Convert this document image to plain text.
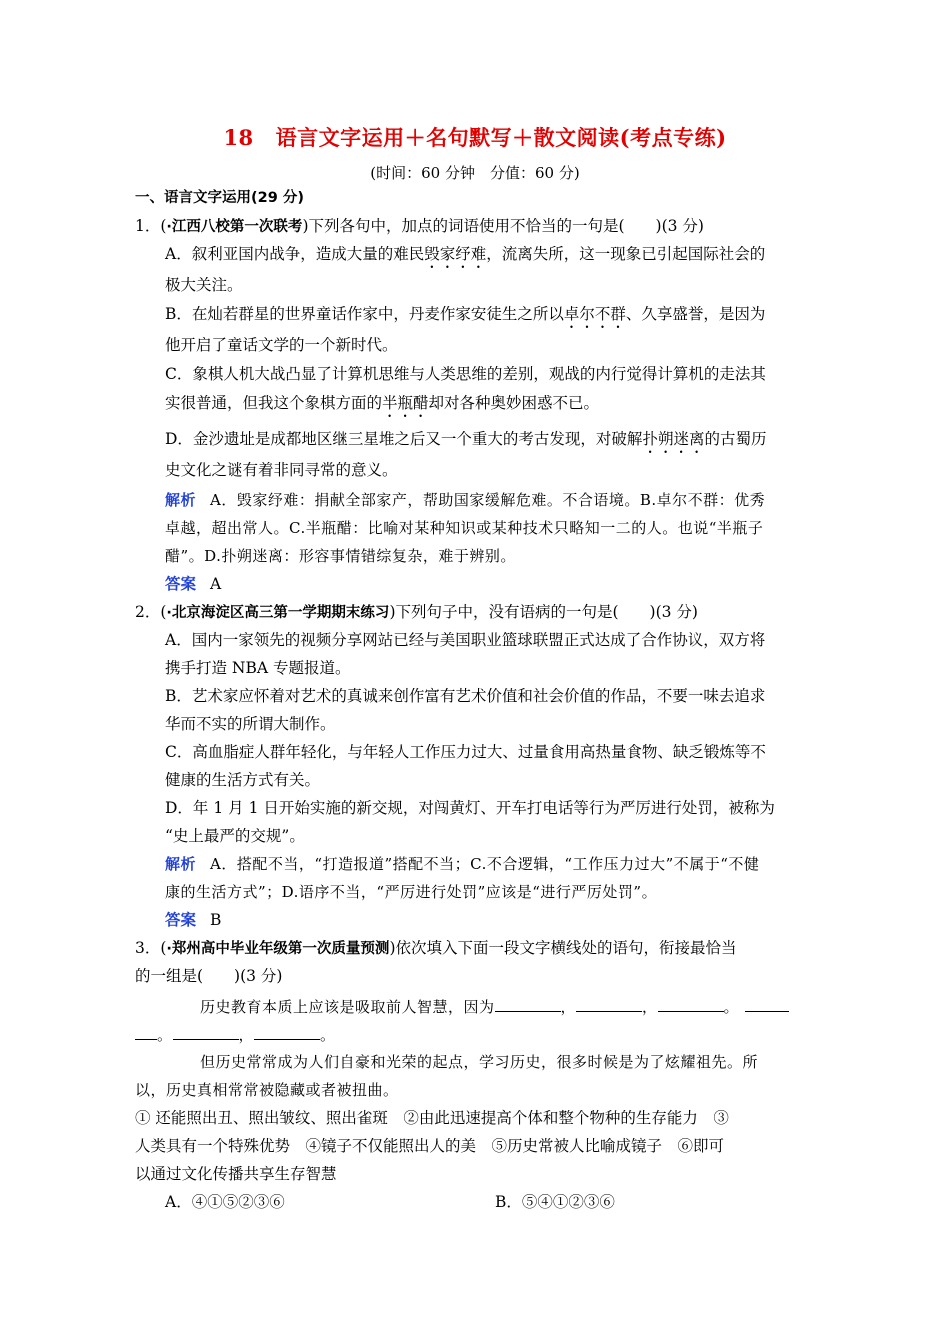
18 语言文字运用＋名句默写＋散文阅读(考点专练)
(时间：60 分钟　分值：60 分)
一、语言文字运用(29 分)
1．(·江西八校第一次联考)下列各句中，加点的词语使用不恰当的一句是(　　)(3 分)
A．叙利亚国内战争，造成大量的难民毁家纾难，流离失所，这一现象已引起国际社会的
极大关注。
B．在灿若群星的世界童话作家中，丹麦作家安徒生之所以卓尔不群、久享盛誉，是因为
他开启了童话文学的一个新时代。
C．象棋人机大战凸显了计算机思维与人类思维的差别，观战的内行觉得计算机的走法其
实很普通，但我这个象棋方面的半瓶醋却对各种奥妙困惑不已。
D．金沙遗址是成都地区继三星堆之后又一个重大的考古发现，对破解扑朔迷离的古蜀历
史文化之谜有着非同寻常的意义。
解析 A．毁家纾难：捐献全部家产，帮助国家缓解危难。不合语境。B.卓尔不群：优秀
卓越，超出常人。C.半瓶醋：比喻对某种知识或某种技术只略知一二的人。也说“半瓶子
醋”。D.扑朔迷离：形容事情错综复杂，难于辨别。
答案 A
2．(·北京海淀区高三第一学期期末练习)下列句子中，没有语病的一句是(　　)(3 分)
A．国内一家领先的视频分享网站已经与美国职业篮球联盟正式达成了合作协议，双方将
携手打造 NBA 专题报道。
B．艺术家应怀着对艺术的真诚来创作富有艺术价值和社会价值的作品，不要一味去追求
华而不实的所谓大制作。
C．高血脂症人群年轻化，与年轻人工作压力过大、过量食用高热量食物、缺乏锻炼等不
健康的生活方式有关。
D．年 1 月 1 日开始实施的新交规，对闯黄灯、开车打电话等行为严厉进行处罚，被称为
“史上最严的交规”。
解析 A．搭配不当，“打造报道”搭配不当；C.不合逻辑，“工作压力过大”不属于“不健
康的生活方式”；D.语序不当，“严厉进行处罚”应该是“进行严厉处罚”。
答案 B
3．(·郑州高中毕业年级第一次质量预测)依次填入下面一段文字横线处的语句，衔接最恰当
的一组是(　　)(3 分)
历史教育本质上应该是吸取前人智慧，因为	，	，	。
。	，	。
但历史常常成为人们自豪和光荣的起点，学习历史，很多时候是为了炫耀祖先。所
以，历史真相常常被隐藏或者被扭曲。
① 还能照出丑、照出皱纹、照出雀斑　②由此迅速提高个体和整个物种的生存能力　③
人类具有一个特殊优势　④镜子不仅能照出人的美　⑤历史常被人比喻成镜子　⑥即可
以通过文化传播共享生存智慧
A．④①⑤②③⑥	B．⑤④①②③⑥
